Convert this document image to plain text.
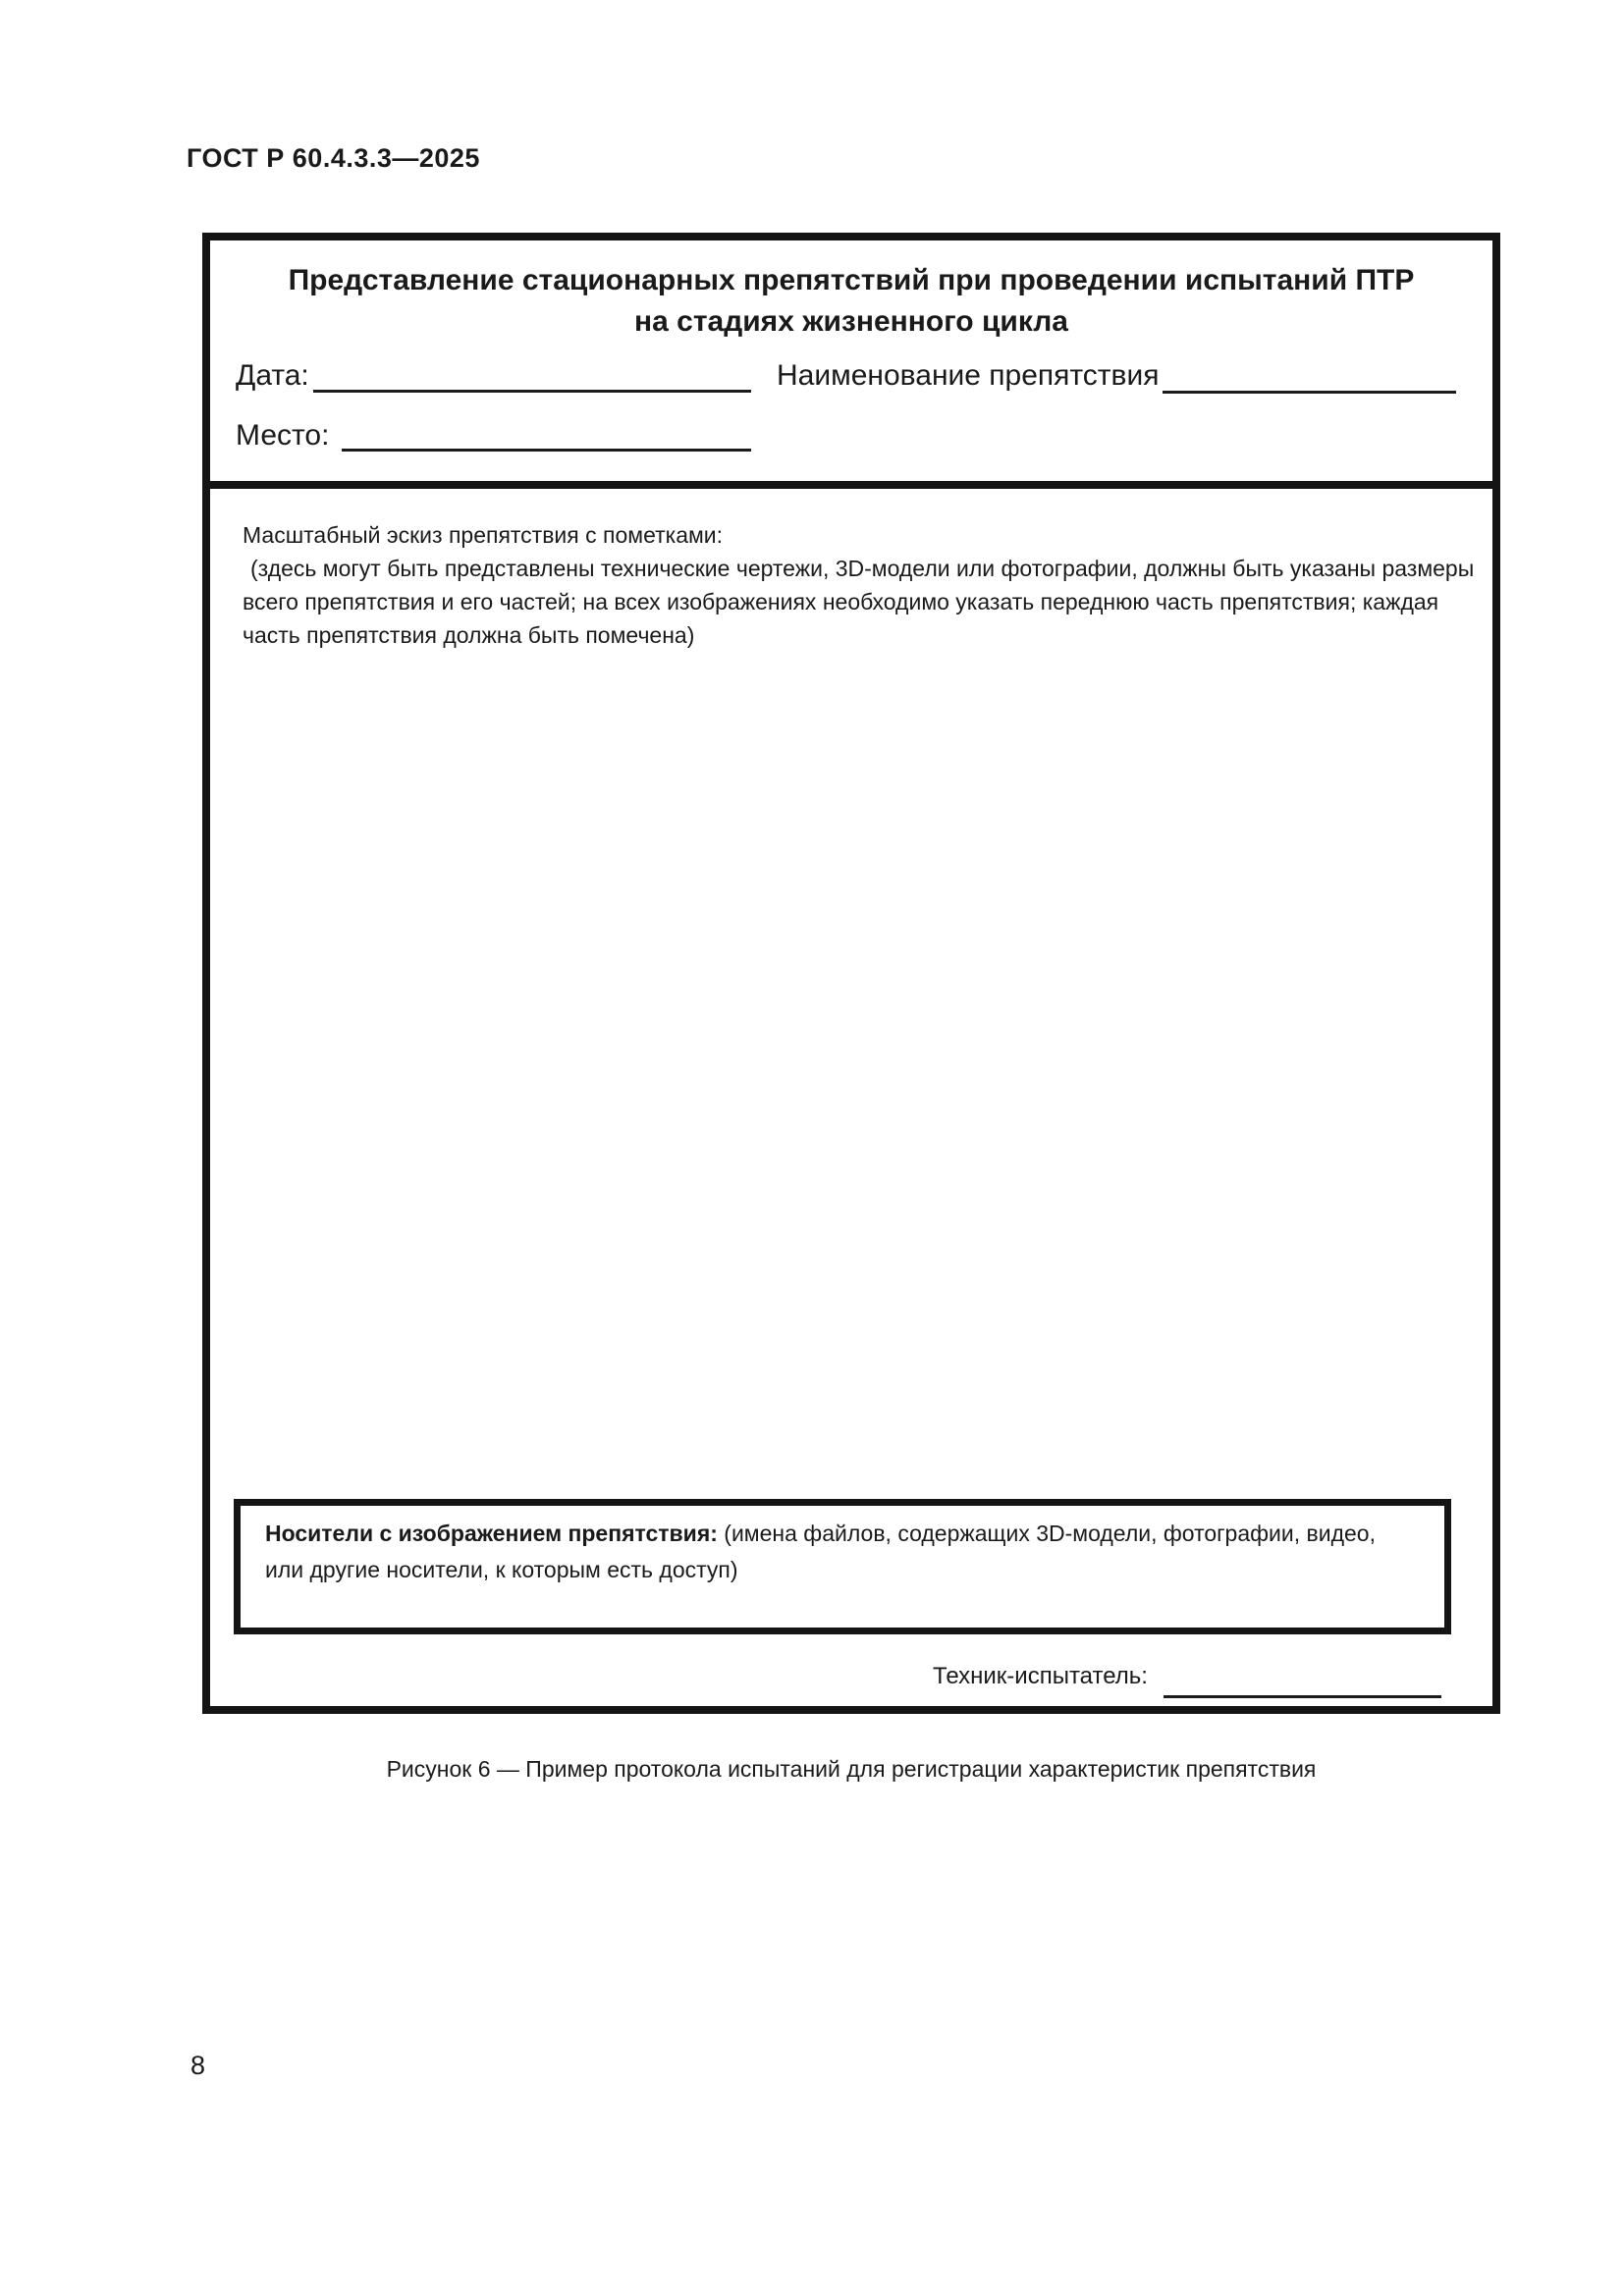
ГОСТ Р 60.4.3.3—2025
Представление стационарных препятствий при проведении испытаний ПТР
на стадиях жизненного цикла
Дата:	Наименование препятствия
Место:
Масштабный эскиз препятствия с пометками:
(здесь могут быть представлены технические чертежи, 3D-модели или фотографии, должны быть указаны размеры всего препятствия и его частей; на всех изображениях необходимо указать переднюю часть препятствия; каждая часть препятствия должна быть помечена)
Носители с изображением препятствия: (имена файлов, содержащих 3D-модели, фотографии, видео, или другие носители, к которым есть доступ)
Техник-испытатель:
Рисунок 6 — Пример протокола испытаний для регистрации характеристик препятствия
8
